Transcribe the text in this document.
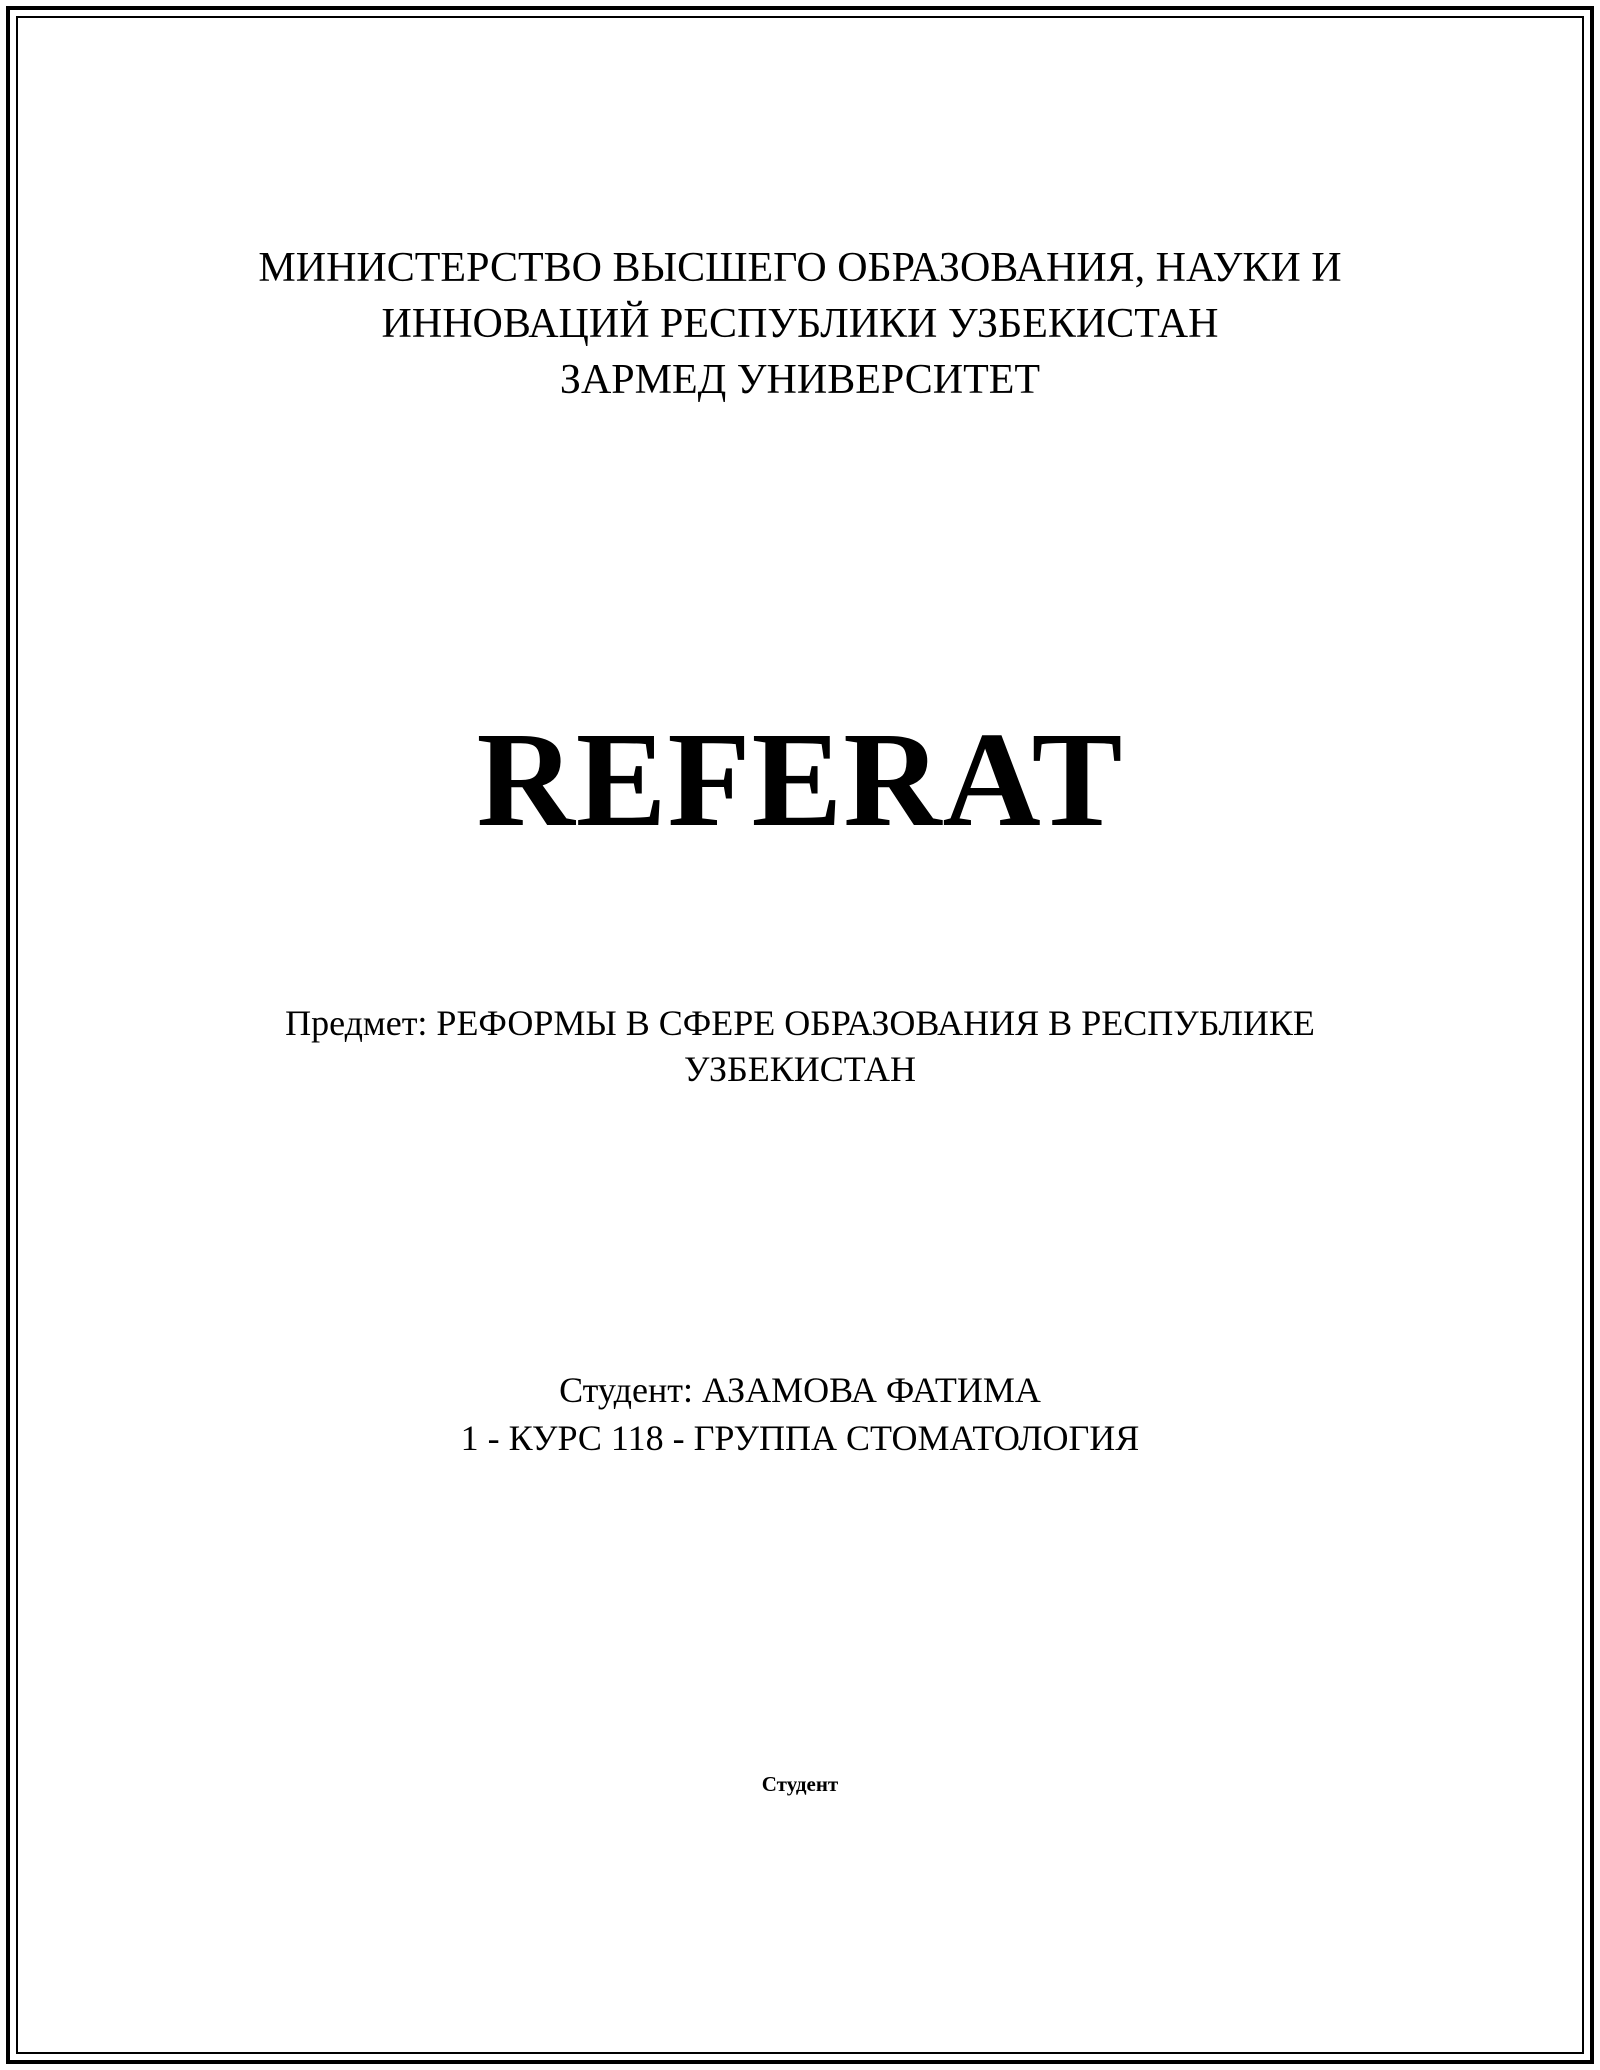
МИНИСТЕРСТВО ВЫСШЕГО ОБРАЗОВАНИЯ, НАУКИ И
ИННОВАЦИЙ РЕСПУБЛИКИ УЗБЕКИСТАН
ЗАРМЕД УНИВЕРСИТЕТ
REFERAT
Предмет: РЕФОРМЫ В СФЕРЕ ОБРАЗОВАНИЯ В РЕСПУБЛИКЕ
УЗБЕКИСТАН
Студент: АЗАМОВА ФАТИМА
1 - КУРС 118 - ГРУППА СТОМАТОЛОГИЯ
Студент
